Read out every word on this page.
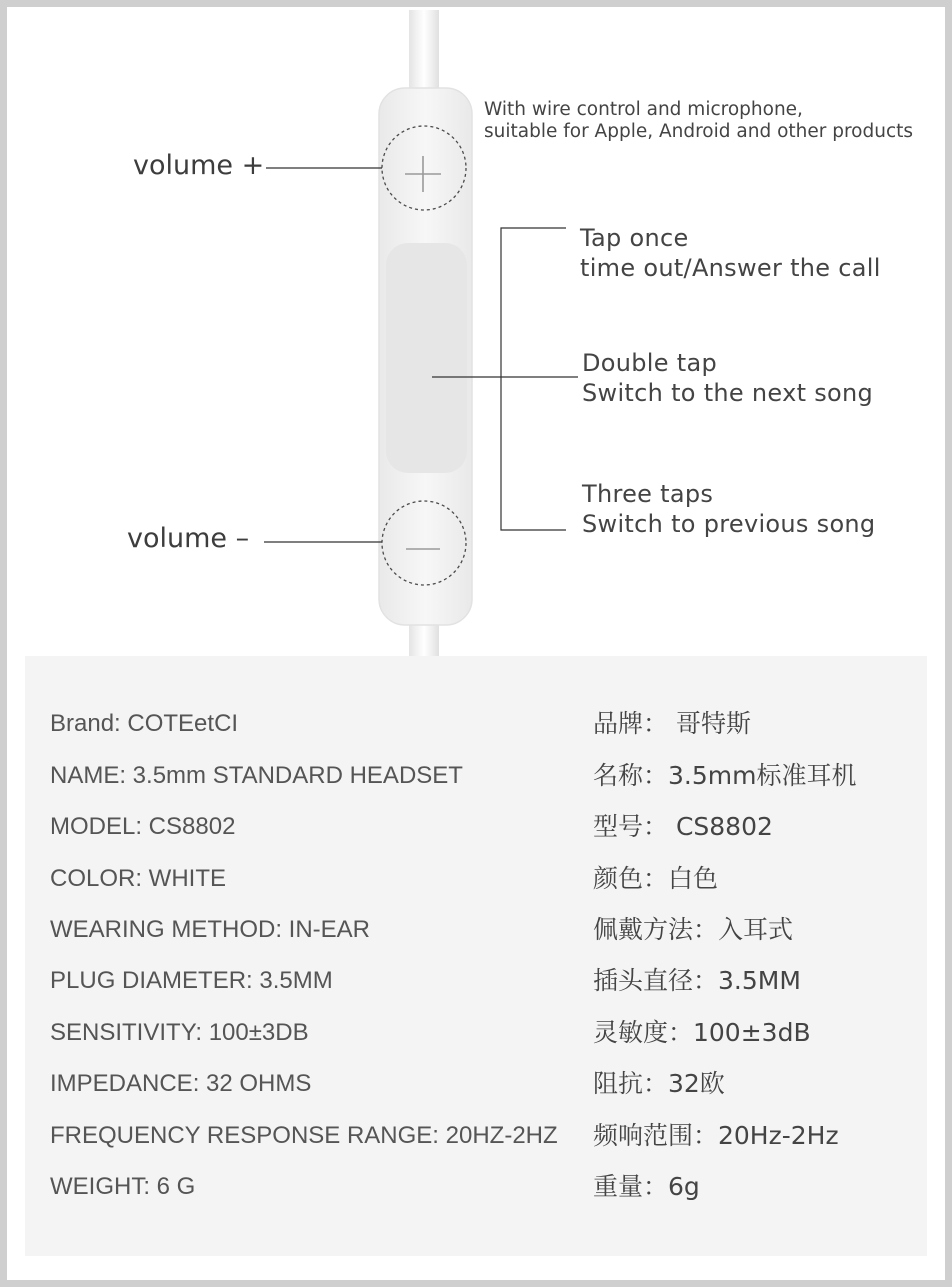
volume +
volume –
With wire control and microphone,
suitable for Apple, Android and other products
Tap once
time out/Answer the call
Double tap
Switch to the next song
Three taps
Switch to previous song
Brand: COTEetCI	品牌： 哥特斯
NAME: 3.5mm STANDARD HEADSET	名称：3.5mm标准耳机
MODEL: CS8802	型号： CS8802
COLOR: WHITE	颜色：白色
WEARING METHOD: IN-EAR	佩戴方法：入耳式
PLUG DIAMETER: 3.5MM	插头直径：3.5MM
SENSITIVITY: 100±3DB	灵敏度：100±3dB
IMPEDANCE: 32 OHMS	阻抗：32欧
FREQUENCY RESPONSE RANGE: 20HZ-2HZ 频响范围：20Hz-2Hz
WEIGHT: 6 G	重量：6g
